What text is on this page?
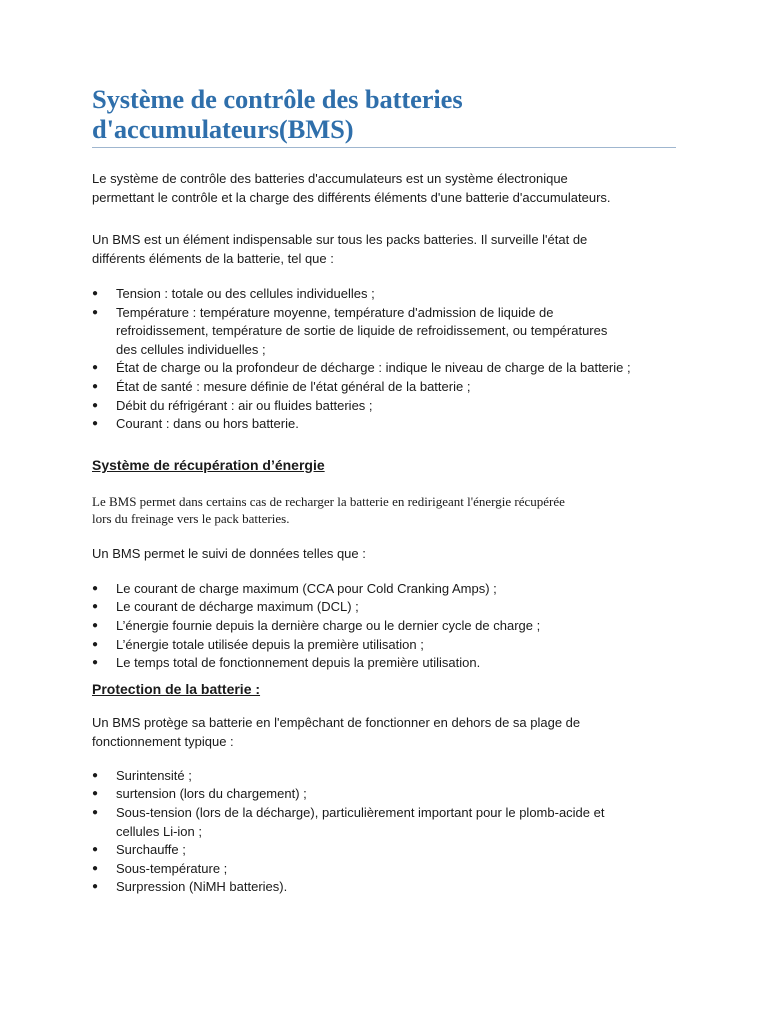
Système de contrôle des batteries
d'accumulateurs(BMS)

Le système de contrôle des batteries d'accumulateurs est un système électronique
permettant le contrôle et la charge des différents éléments d'une batterie d'accumulateurs.

Un BMS est un élément indispensable sur tous les packs batteries. Il surveille l'état de
différents éléments de la batterie, tel que :

● Tension : totale ou des cellules individuelles ;
● Température : température moyenne, température d'admission de liquide de
refroidissement, température de sortie de liquide de refroidissement, ou températures
des cellules individuelles ;
● État de charge ou la profondeur de décharge : indique le niveau de charge de la batterie ;
● État de santé : mesure définie de l'état général de la batterie ;
● Débit du réfrigérant : air ou fluides batteries ;
● Courant : dans ou hors batterie.
Système de récupération d’énergie

Le BMS permet dans certains cas de recharger la batterie en redirigeant l'énergie récupérée
lors du freinage vers le pack batteries.

Un BMS permet le suivi de données telles que :

● Le courant de charge maximum (CCA pour Cold Cranking Amps) ;
● Le courant de décharge maximum (DCL) ;
● L’énergie fournie depuis la dernière charge ou le dernier cycle de charge ;
● L’énergie totale utilisée depuis la première utilisation ;
● Le temps total de fonctionnement depuis la première utilisation.
Protection de la batterie :

Un BMS protège sa batterie en l'empêchant de fonctionner en dehors de sa plage de
fonctionnement typique :

● Surintensité ;
● surtension (lors du chargement) ;
● Sous-tension (lors de la décharge), particulièrement important pour le plomb-acide et
cellules Li-ion ;
● Surchauffe ;
● Sous-température ;
● Surpression (NiMH batteries).
